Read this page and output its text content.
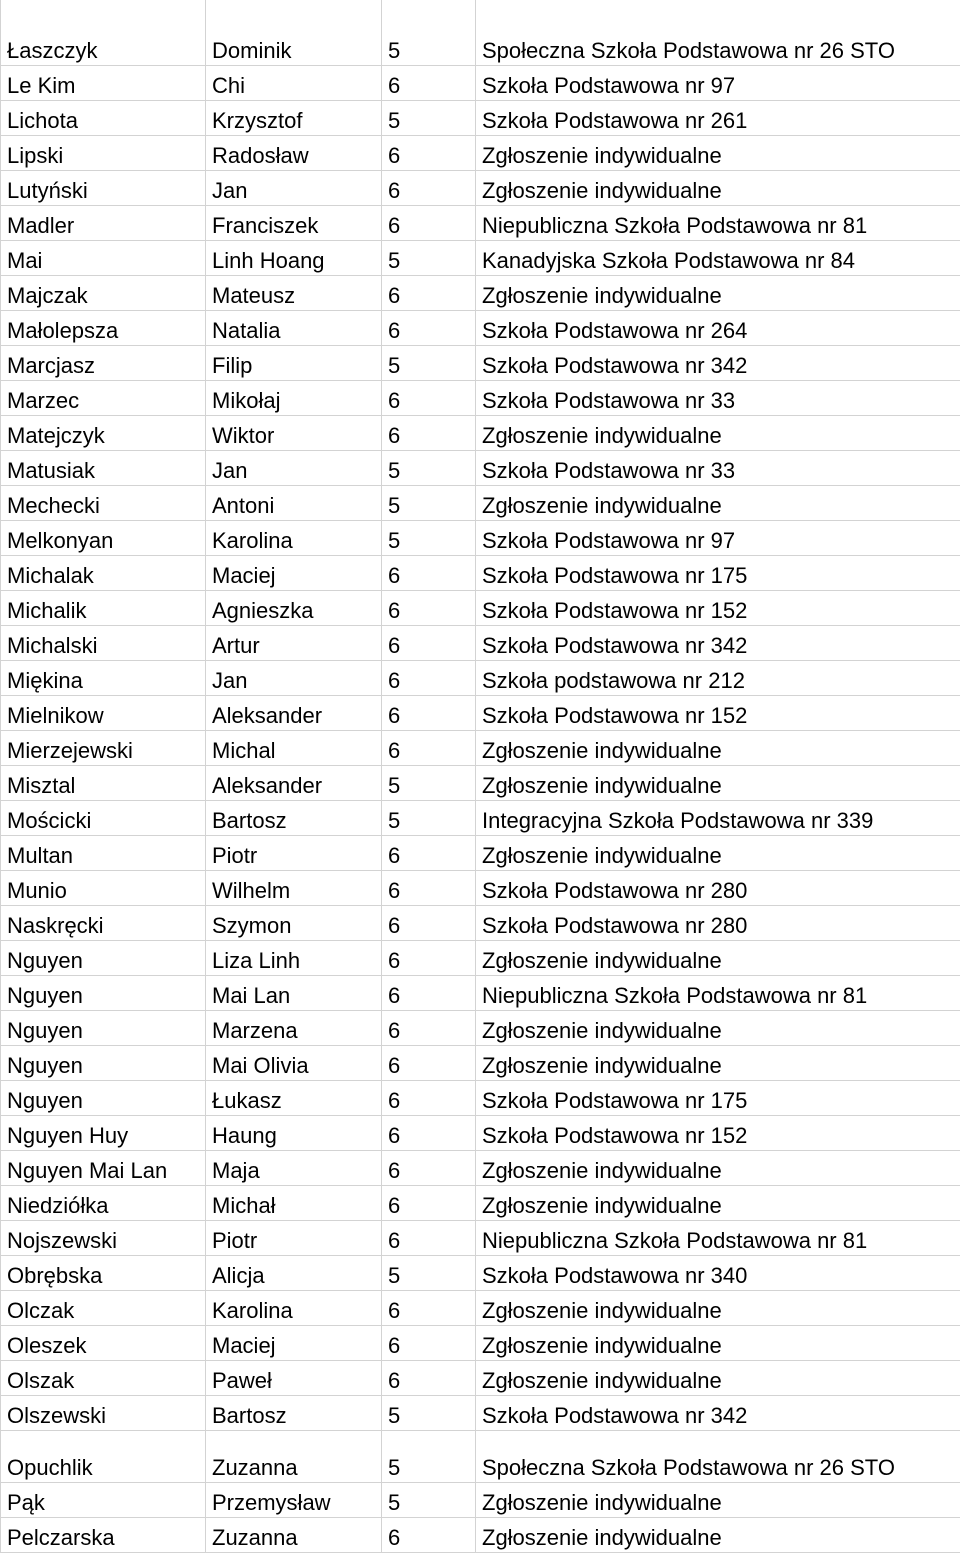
Łaszczyk	Dominik	5	Społeczna Szkoła Podstawowa nr 26 STO
Le Kim	Chi	6	Szkoła Podstawowa nr 97
Lichota	Krzysztof	5	Szkoła Podstawowa nr 261
Lipski	Radosław	6	Zgłoszenie indywidualne
Lutyński	Jan	6	Zgłoszenie indywidualne
Madler	Franciszek	6	Niepubliczna Szkoła Podstawowa nr 81
Mai	Linh Hoang	5	Kanadyjska Szkoła Podstawowa nr 84
Majczak	Mateusz	6	Zgłoszenie indywidualne
Małolepsza	Natalia	6	Szkoła Podstawowa nr 264
Marcjasz	Filip	5	Szkoła Podstawowa nr 342
Marzec	Mikołaj	6	Szkoła Podstawowa nr 33
Matejczyk	Wiktor	6	Zgłoszenie indywidualne
Matusiak	Jan	5	Szkoła Podstawowa nr 33
Mechecki	Antoni	5	Zgłoszenie indywidualne
Melkonyan	Karolina	5	Szkoła Podstawowa nr 97
Michalak	Maciej	6	Szkoła Podstawowa nr 175
Michalik	Agnieszka	6	Szkoła Podstawowa nr 152
Michalski	Artur	6	Szkoła Podstawowa nr 342
Miękina	Jan	6	Szkoła podstawowa nr 212
Mielnikow	Aleksander	6	Szkoła Podstawowa nr 152
Mierzejewski	Michal	6	Zgłoszenie indywidualne
Misztal	Aleksander	5	Zgłoszenie indywidualne
Mościcki	Bartosz	5	Integracyjna Szkoła Podstawowa nr 339
Multan	Piotr	6	Zgłoszenie indywidualne
Munio	Wilhelm	6	Szkoła Podstawowa nr 280
Naskręcki	Szymon	6	Szkoła Podstawowa nr 280
Nguyen	Liza Linh	6	Zgłoszenie indywidualne
Nguyen	Mai Lan	6	Niepubliczna Szkoła Podstawowa nr 81
Nguyen	Marzena	6	Zgłoszenie indywidualne
Nguyen	Mai Olivia	6	Zgłoszenie indywidualne
Nguyen	Łukasz	6	Szkoła Podstawowa nr 175
Nguyen Huy	Haung	6	Szkoła Podstawowa nr 152
Nguyen Mai Lan	Maja	6	Zgłoszenie indywidualne
Niedziółka	Michał	6	Zgłoszenie indywidualne
Nojszewski	Piotr	6	Niepubliczna Szkoła Podstawowa nr 81
Obrębska	Alicja	5	Szkoła Podstawowa nr 340
Olczak	Karolina	6	Zgłoszenie indywidualne
Oleszek	Maciej	6	Zgłoszenie indywidualne
Olszak	Paweł	6	Zgłoszenie indywidualne
Olszewski	Bartosz	5	Szkoła Podstawowa nr 342
Opuchlik	Zuzanna	5	Społeczna Szkoła Podstawowa nr 26 STO
Pąk	Przemysław	5	Zgłoszenie indywidualne
Pelczarska	Zuzanna	6	Zgłoszenie indywidualne
